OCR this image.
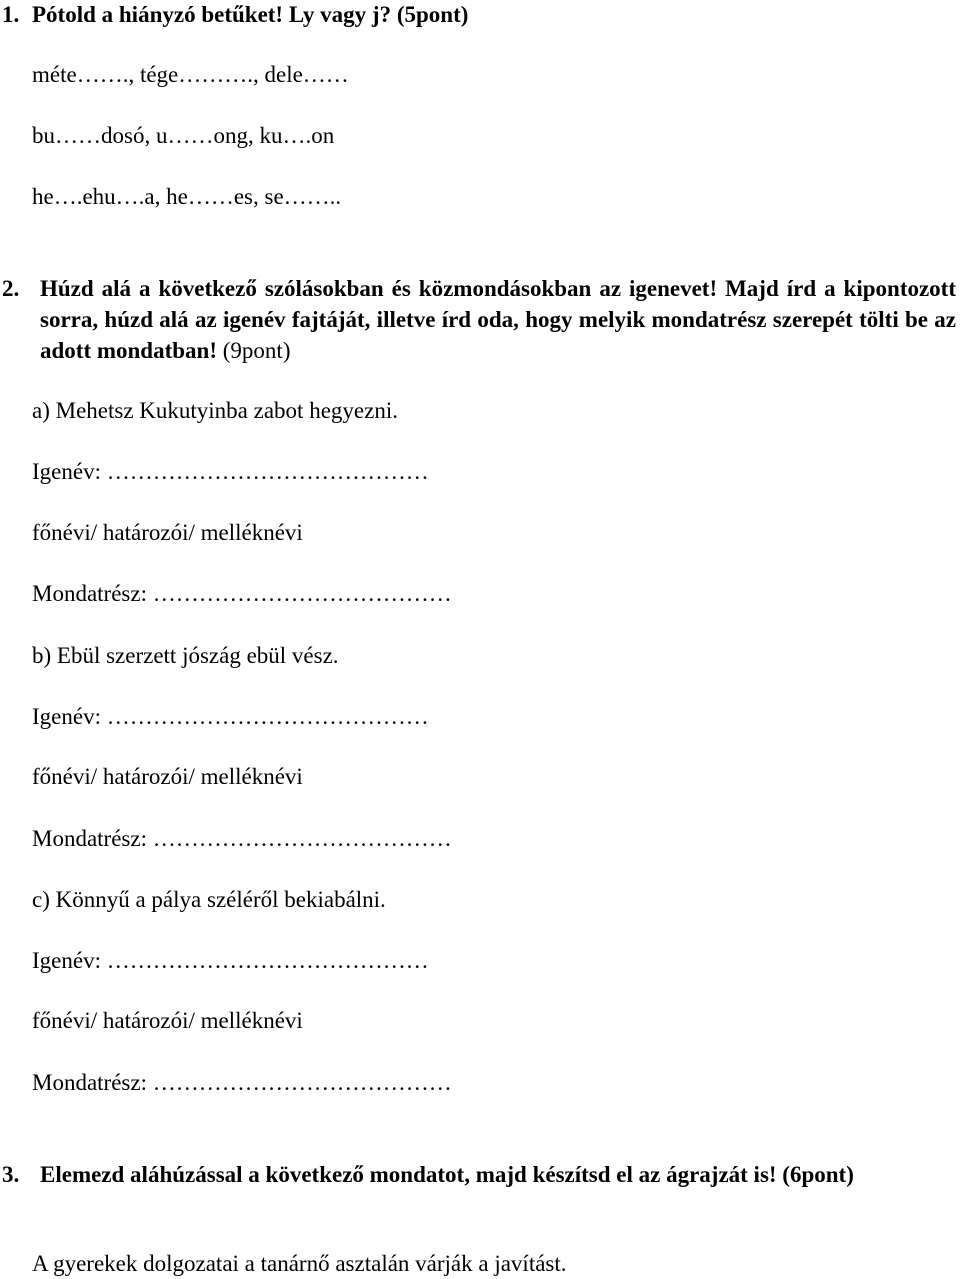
1. Pótold a hiányzó betűket! Ly vagy j? (5pont)
méte……., tége………., dele……
bu……dosó, u……ong, ku….on
he….ehu….a, he……es, se……..
2. Húzd alá a következő szólásokban és közmondásokban az igenevet! Majd írd a kipontozott sorra, húzd alá az igenév fajtáját, illetve írd oda, hogy melyik mondatrész szerepét tölti be az adott mondatban! (9pont)
a) Mehetsz Kukutyinba zabot hegyezni.
Igenév: ……………………………………
főnévi/ határozói/ melléknévi
Mondatrész: …………………………………
b) Ebül szerzett jószág ebül vész.
Igenév: ……………………………………
főnévi/ határozói/ melléknévi
Mondatrész: …………………………………
c) Könnyű a pálya széléről bekiabálni.
Igenév: ……………………………………
főnévi/ határozói/ melléknévi
Mondatrész: …………………………………
3. Elemezd aláhúzással a következő mondatot, majd készítsd el az ágrajzát is! (6pont)
A gyerekek dolgozatai a tanárnő asztalán várják a javítást.
